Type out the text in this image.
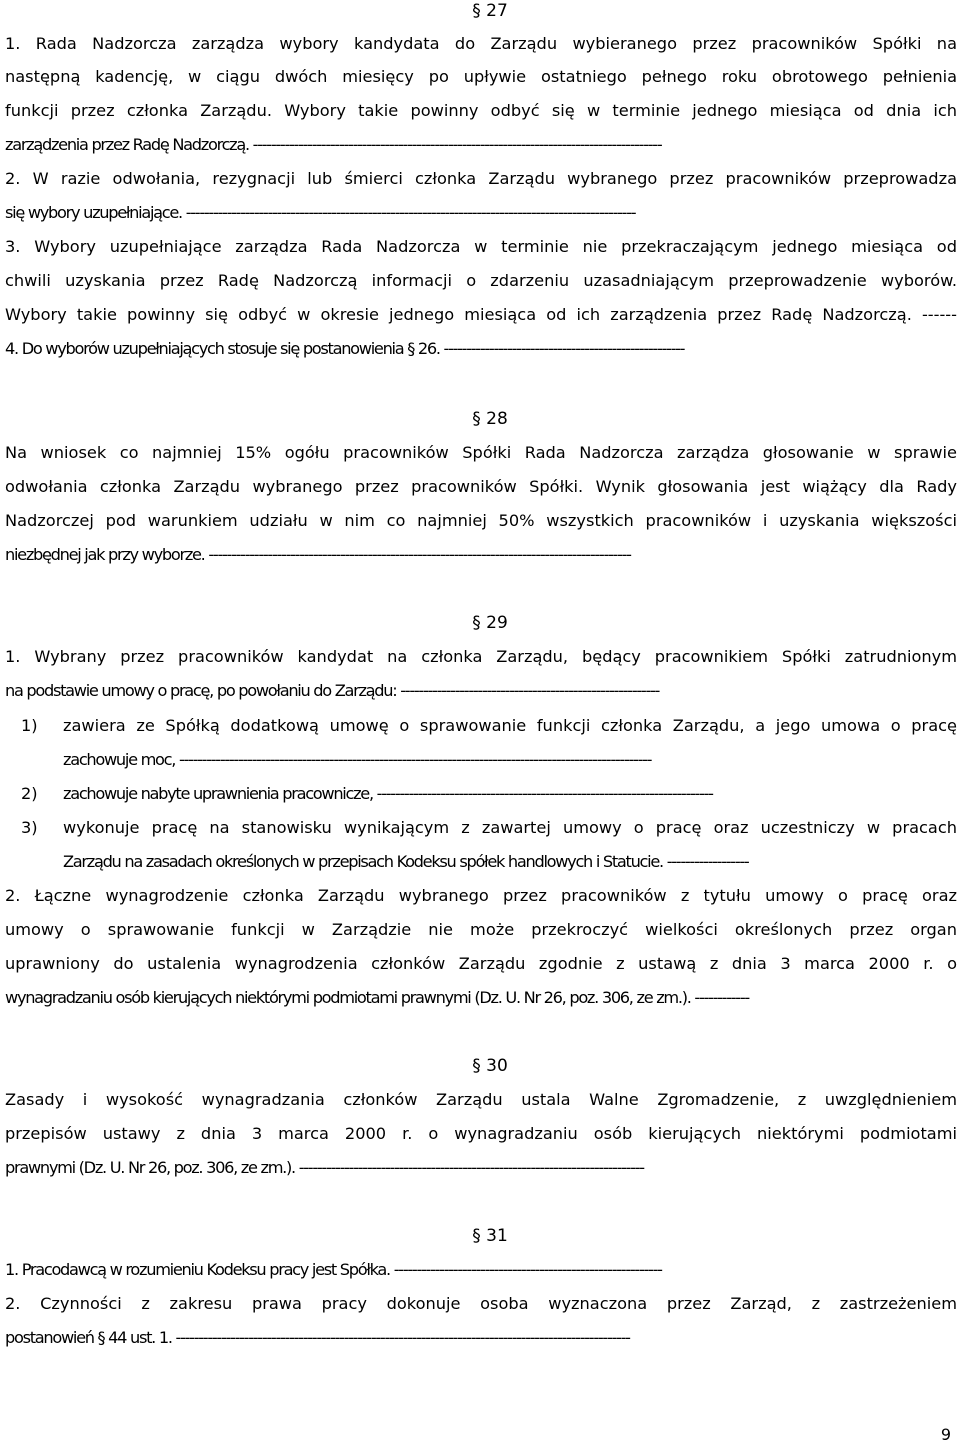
§ 27
1. Rada Nadzorcza zarządza wybory kandydata do Zarządu wybieranego przez pracowników Spółki na
następną kadencję, w ciągu dwóch miesięcy po upływie ostatniego pełnego roku obrotowego pełnienia
funkcji przez członka Zarządu. Wybory takie powinny odbyć się w terminie jednego miesiąca od dnia ich
zarządzenia przez Radę Nadzorczą. ------------------------------------------------------------------------------------------
2. W razie odwołania, rezygnacji lub śmierci członka Zarządu wybranego przez pracowników przeprowadza
się wybory uzupełniające. ---------------------------------------------------------------------------------------------------
3. Wybory uzupełniające zarządza Rada Nadzorcza w terminie nie przekraczającym jednego miesiąca od
chwili uzyskania przez Radę Nadzorczą informacji o zdarzeniu uzasadniającym przeprowadzenie wyborów.
Wybory takie powinny się odbyć w okresie jednego miesiąca od ich zarządzenia przez Radę Nadzorczą. ------
4. Do wyborów uzupełniających stosuje się postanowienia § 26. -----------------------------------------------------
§ 28
Na wniosek co najmniej 15% ogółu pracowników Spółki Rada Nadzorcza zarządza głosowanie w sprawie
odwołania członka Zarządu wybranego przez pracowników Spółki. Wynik głosowania jest wiążący dla Rady
Nadzorczej pod warunkiem udziału w nim co najmniej 50% wszystkich pracowników i uzyskania większości
niezbędnej jak przy wyborze. ---------------------------------------------------------------------------------------------
§ 29
1. Wybrany przez pracowników kandydat na członka Zarządu, będący pracownikiem Spółki zatrudnionym
na podstawie umowy o pracę, po powołaniu do Zarządu: ---------------------------------------------------------
1)	zawiera ze Spółką dodatkową umowę o sprawowanie funkcji członka Zarządu, a jego umowa o pracę
zachowuje moc, --------------------------------------------------------------------------------------------------------
2)	zachowuje nabyte uprawnienia pracownicze, --------------------------------------------------------------------------
3)	wykonuje pracę na stanowisku wynikającym z zawartej umowy o pracę oraz uczestniczy w pracach
Zarządu na zasadach określonych w przepisach Kodeksu spółek handlowych i Statucie. ------------------
2. Łączne wynagrodzenie członka Zarządu wybranego przez pracowników z tytułu umowy o pracę oraz
umowy o sprawowanie funkcji w Zarządzie nie może przekroczyć wielkości określonych przez organ
uprawniony do ustalenia wynagrodzenia członków Zarządu zgodnie z ustawą z dnia 3 marca 2000 r. o
wynagradzaniu osób kierujących niektórymi podmiotami prawnymi (Dz. U. Nr 26, poz. 306, ze zm.). ------------
§ 30
Zasady i wysokość wynagradzania członków Zarządu ustala Walne Zgromadzenie, z uwzględnieniem
przepisów ustawy z dnia 3 marca 2000 r. o wynagradzaniu osób kierujących niektórymi podmiotami
prawnymi (Dz. U. Nr 26, poz. 306, ze zm.). ----------------------------------------------------------------------------
§ 31
1. Pracodawcą w rozumieniu Kodeksu pracy jest Spółka. -----------------------------------------------------------
2. Czynności z zakresu prawa pracy dokonuje osoba wyznaczona przez Zarząd, z zastrzeżeniem
postanowień § 44 ust. 1. ----------------------------------------------------------------------------------------------------
9
